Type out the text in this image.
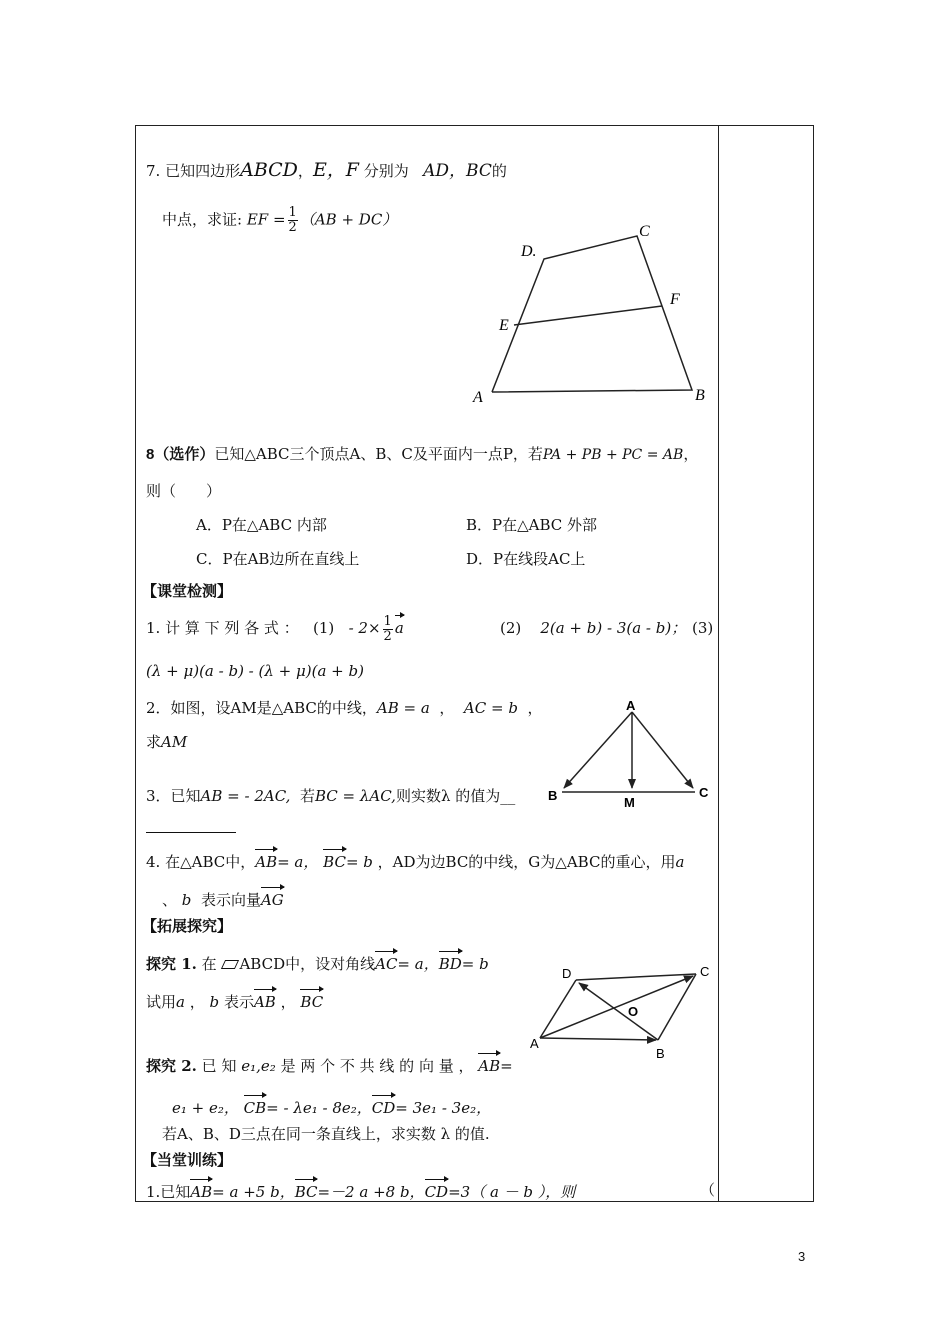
7. 已知四边形ABCD，E，F 分别为 AD，BC的
中点，求证: EF = $\frac{1}{2} (AB + DC)$
D.
C
F
E
A	B
8（选作）已知△ABC三个顶点A、B、C及平面内一点P，若PA + PB + PC = AB，
则（　　）
A．P在△ABC 内部	B．P在△ABC 外部
C．P在AB边所在直线上	D．P在线段AC上
【课堂检测】
1. 计 算 下 列 各 式 ： $(1) - 2\times \frac{1}{2}$ a	(2) 2(a + b) - 3(a - b)； (3)
(λ + μ)(a - b) - (λ + μ)(a + b)
2．如图，设AM是△ABC的中线，AB = a ， AC = b ，
求AM
A
B	M
C
3．已知AB = - 2AC, 若BC = λAC,则实数λ 的值为__
4. 在△ABC中，AB= a， BC= b ，AD为边BC的中线，G为△ABC的重心，用a
、 b 表示向量AG
【拓展探究】
探究 1. 在 ABCD中，设对角线AC= a，BD= b
试用a ， b 表示AB ， BC
D	C
O
A
B
探究 2. 已 知 e₁,e₂ 是 两 个 不 共 线 的 向 量 ， AB=
e₁ + e₂， CB= - λe₁ - 8e₂，CD= 3e₁ - 3e₂，
若A、B、D三点在同一条直线上，求实数 λ 的值.
【当堂训练】
1.已知AB= a +5 b，BC=－2 a +8 b，CD=3（ a － b ），则	（
3
